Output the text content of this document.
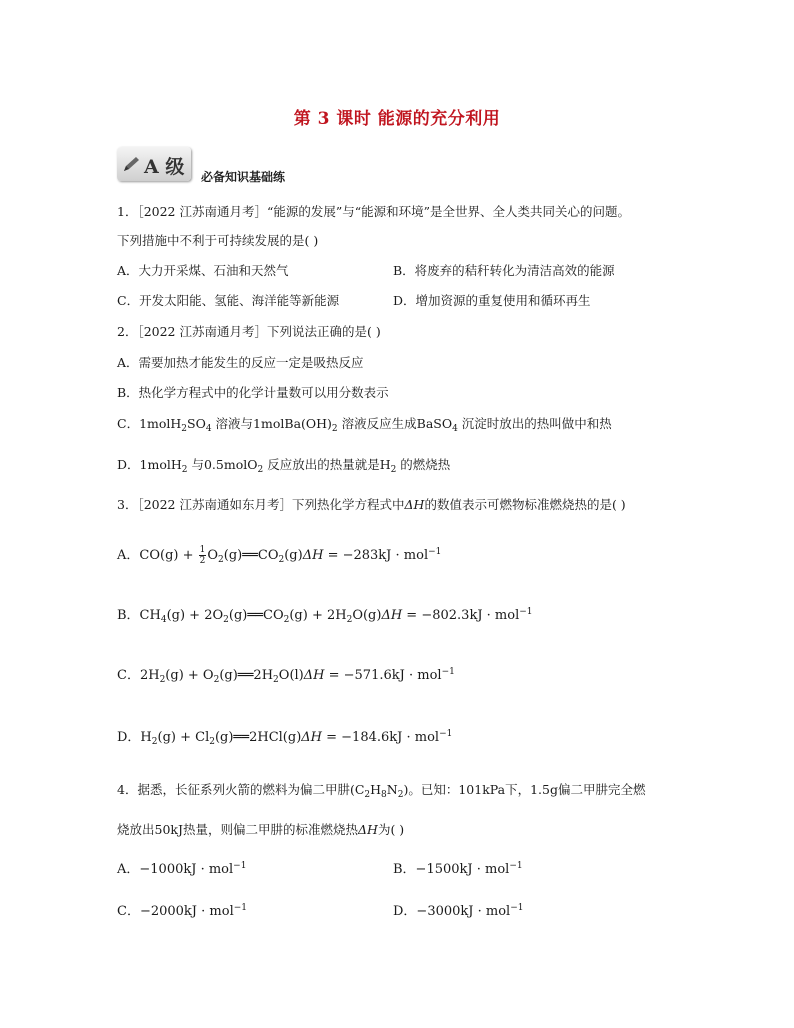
第 3 课时 能源的充分利用
A 级 必备知识基础练
1．［2022 江苏南通月考］“能源的发展”与“能源和环境”是全世界、全人类共同关心的问题。
下列措施中不利于可持续发展的是( )
A．大力开采煤、石油和天然气	B．将废弃的秸秆转化为清洁高效的能源
C．开发太阳能、氢能、海洋能等新能源	D．增加资源的重复使用和循环再生
2．［2022 江苏南通月考］下列说法正确的是( )
A．需要加热才能发生的反应一定是吸热反应
B．热化学方程式中的化学计量数可以用分数表示
C．$1molH_2SO_4$ 溶液与$1molBa(OH)_2$ 溶液反应生成BaSO$_4$ 沉淀时放出的热叫做中和热
D．1molH$_2$ 与0.5molO$_2$ 反应放出的热量就是$H_2$ 的燃烧热
3．［2022 江苏南通如东月考］下列热化学方程式中ΔH的数值表示可燃物标准燃烧热的是( )
A．$CO(g) + \frac{1}{2}$ $O_2(g)══CO_2(g)\Delta H = -283kJ \cdot mol^{-1}$
B．$CH_4(g)$ + $2O_2(g)══CO_2(g) + 2H_2O(g)\Delta H = -802.3kJ \cdot mol^{-1}$
C．$2H_2(g)$ + $O_2(g)══2H_2O(l)\Delta H = -571.6kJ \cdot mol^{-1}$
D．$H_2(g)$ + $Cl_2(g)══2HCl(g)\Delta H = -184.6kJ \cdot mol^{-1}$
4．据悉，长征系列火箭的燃料为偏二甲肼$(C_2H_8N_2)$。已知：101kPa下，1.5g偏二甲肼完全燃
烧放出50kJ热量，则偏二甲肼的标准燃烧热ΔH为( )
A．−1000kJ · mol$^{-1}$	B．−1500kJ · mol$^{-1}$
C．−2000kJ · mol$^{-1}$	D．−3000kJ · mol$^{-1}$
